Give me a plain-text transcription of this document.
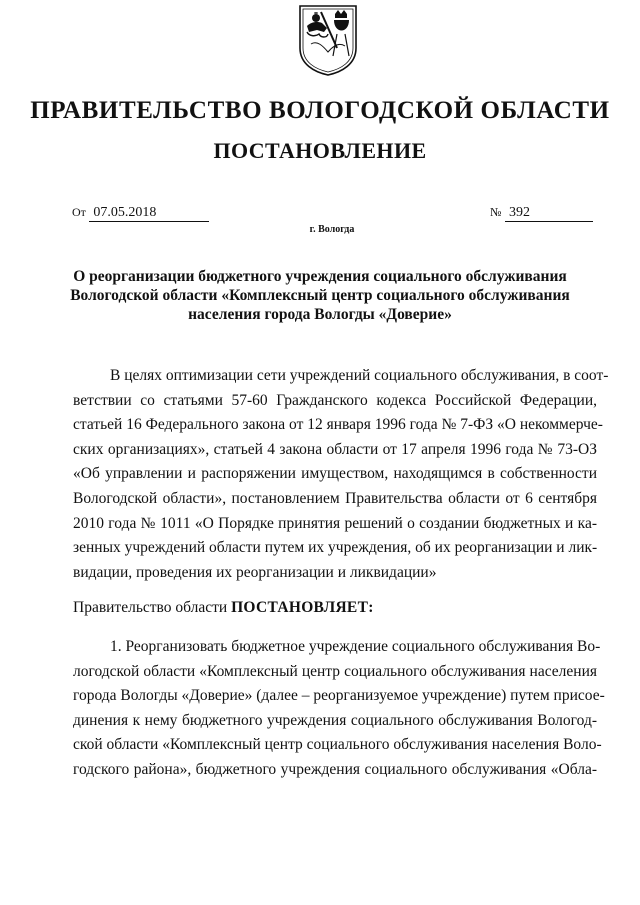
ПРАВИТЕЛЬСТВО ВОЛОГОДСКОЙ ОБЛАСТИ
ПОСТАНОВЛЕНИЕ
От 07.05.2018	№ 392
г. Вологда
О реорганизации бюджетного учреждения социального обслуживания
Вологодской области «Комплексный центр социального обслуживания
населения города Вологды «Доверие»
В целях оптимизации сети учреждений социального обслуживания, в соот-
ветствии со статьями 57-60 Гражданского кодекса Российской Федерации,
статьей 16 Федерального закона от 12 января 1996 года № 7-ФЗ «О некоммерче-
ских организациях», статьей 4 закона области от 17 апреля 1996 года № 73-ОЗ
«Об управлении и распоряжении имуществом, находящимся в собственности
Вологодской области», постановлением Правительства области от 6 сентября
2010 года № 1011 «О Порядке принятия решений о создании бюджетных и ка-
зенных учреждений области путем их учреждения, об их реорганизации и лик-
видации, проведения их реорганизации и ликвидации»
Правительство области ПОСТАНОВЛЯЕТ:
1. Реорганизовать бюджетное учреждение социального обслуживания Во-
логодской области «Комплексный центр социального обслуживания населения
города Вологды «Доверие» (далее – реорганизуемое учреждение) путем присое-
динения к нему бюджетного учреждения социального обслуживания Вологод-
ской области «Комплексный центр социального обслуживания населения Воло-
годского района», бюджетного учреждения социального обслуживания «Обла-
